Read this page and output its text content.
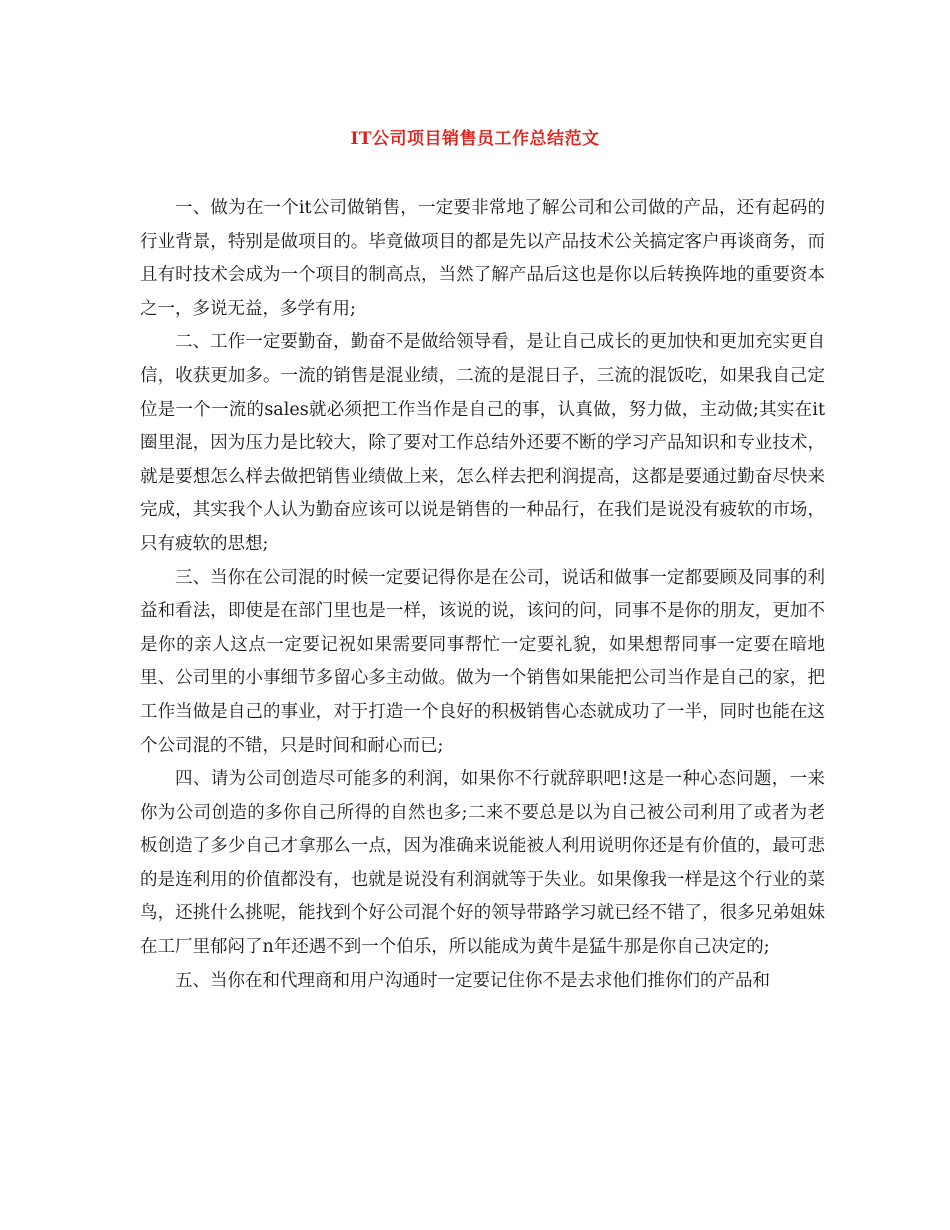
IT公司项目销售员工作总结范文

一、做为在一个it公司做销售，一定要非常地了解公司和公司做的产品，还有起码的行业背景，特别是做项目的。毕竟做项目的都是先以产品技术公关搞定客户再谈商务，而且有时技术会成为一个项目的制高点，当然了解产品后这也是你以后转换阵地的重要资本之一，多说无益，多学有用;

二、工作一定要勤奋，勤奋不是做给领导看，是让自己成长的更加快和更加充实更自信，收获更加多。一流的销售是混业绩，二流的是混日子，三流的混饭吃，如果我自己定位是一个一流的sales就必须把工作当作是自己的事，认真做，努力做，主动做;其实在it圈里混，因为压力是比较大，除了要对工作总结外还要不断的学习产品知识和专业技术，就是要想怎么样去做把销售业绩做上来，怎么样去把利润提高，这都是要通过勤奋尽快来完成，其实我个人认为勤奋应该可以说是销售的一种品行，在我们是说没有疲软的市场，只有疲软的思想;

三、当你在公司混的时候一定要记得你是在公司，说话和做事一定都要顾及同事的利益和看法，即使是在部门里也是一样，该说的说，该问的问，同事不是你的朋友，更加不是你的亲人这点一定要记祝如果需要同事帮忙一定要礼貌，如果想帮同事一定要在暗地里、公司里的小事细节多留心多主动做。做为一个销售如果能把公司当作是自己的家，把工作当做是自己的事业，对于打造一个良好的积极销售心态就成功了一半，同时也能在这个公司混的不错，只是时间和耐心而已;

四、请为公司创造尽可能多的利润，如果你不行就辞职吧!这是一种心态问题，一来你为公司创造的多你自己所得的自然也多;二来不要总是以为自己被公司利用了或者为老板创造了多少自己才拿那么一点，因为准确来说能被人利用说明你还是有价值的，最可悲的是连利用的价值都没有，也就是说没有利润就等于失业。如果像我一样是这个行业的菜鸟，还挑什么挑呢，能找到个好公司混个好的领导带路学习就已经不错了，很多兄弟姐妹在工厂里郁闷了n年还遇不到一个伯乐，所以能成为黄牛是猛牛那是你自己决定的;

五、当你在和代理商和用户沟通时一定要记住你不是去求他们推你们的产品和
